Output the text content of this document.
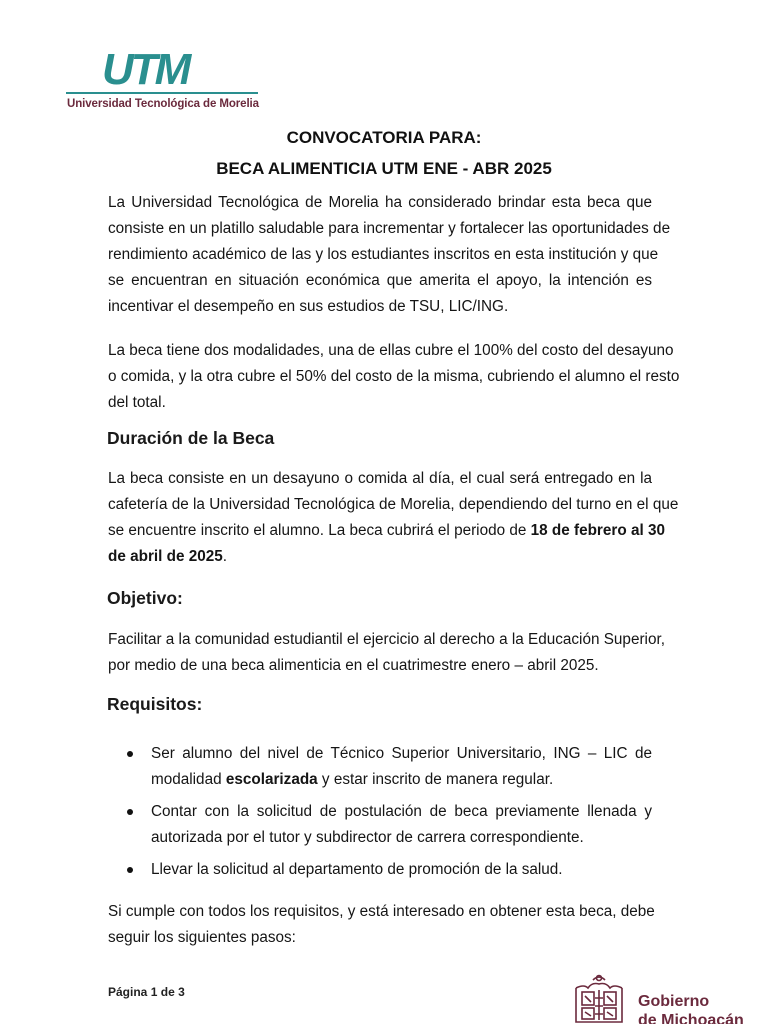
UTM
Universidad Tecnológica de Morelia
CONVOCATORIA PARA:
BECA ALIMENTICIA UTM ENE - ABR 2025

La Universidad Tecnológica de Morelia ha considerado brindar esta beca que

consiste en un platillo saludable para incrementar y fortalecer las oportunidades de

rendimiento académico de las y los estudiantes inscritos en esta institución y que

se encuentran en situación económica que amerita el apoyo, la intención es

incentivar el desempeño en sus estudios de TSU, LIC/ING.

La beca tiene dos modalidades, una de ellas cubre el 100% del costo del desayuno

o comida, y la otra cubre el 50% del costo de la misma, cubriendo el alumno el resto

del total.

Duración de la Beca

La beca consiste en un desayuno o comida al día, el cual será entregado en la

cafetería de la Universidad Tecnológica de Morelia, dependiendo del turno en el que

se encuentre inscrito el alumno. La beca cubrirá el periodo de 18 de febrero al 30

de abril de 2025.

Objetivo:

Facilitar a la comunidad estudiantil el ejercicio al derecho a la Educación Superior,

por medio de una beca alimenticia en el cuatrimestre enero – abril 2025.

Requisitos:

Ser alumno del nivel de Técnico Superior Universitario, ING – LIC de

modalidad escolarizada y estar inscrito de manera regular.

Contar con la solicitud de postulación de beca previamente llenada y

autorizada por el tutor y subdirector de carrera correspondiente.

Llevar la solicitud al departamento de promoción de la salud.

Si cumple con todos los requisitos, y está interesado en obtener esta beca, debe

seguir los siguientes pasos:

Página 1 de 3
Gobierno
de Michoacán
